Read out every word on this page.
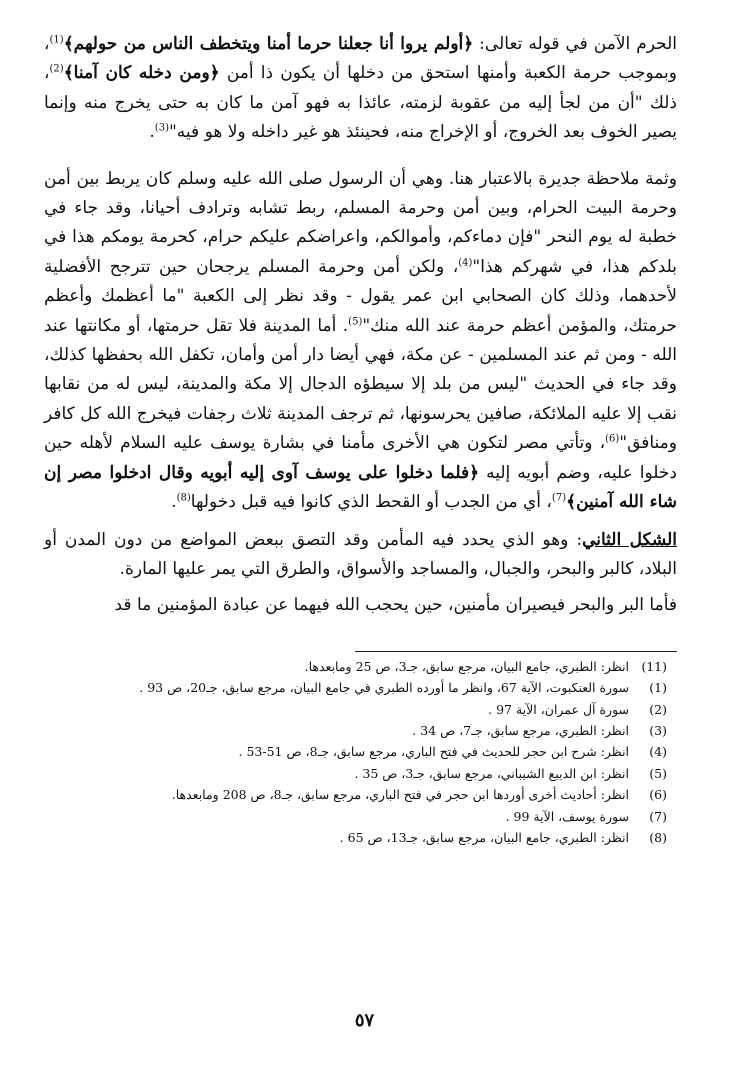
الحرم الآمن في قوله تعالى: ﴿أولم يروا أنا جعلنا حرما أمنا ويتخطف الناس من حولهم﴾$^{(1)}$، وبموجب حرمة الكعبة وأمنها استحق من دخلها أن يكون ذا أمن ﴿ومن دخله كان آمنا﴾$^{(2)}$، ذلك "أن من لجأ إليه من عقوبة لزمته، عائذا به فهو آمن ما كان به حتى يخرج منه وإنما يصير الخوف بعد الخروج، أو الإخراج منه، فحينئذ هو غير داخله ولا هو فيه"$^{(3)}$.

وثمة ملاحظة جديرة بالاعتبار هنا. وهي أن الرسول صلى الله عليه وسلم كان يربط بين أمن وحرمة البيت الحرام، وبين أمن وحرمة المسلم، ربط تشابه وترادف أحيانا، وقد جاء في خطبة له يوم النحر "فإن دماءكم، وأموالكم، واعراضكم عليكم حرام، كحرمة يومكم هذا في بلدكم هذا، في شهركم هذا"$^{(4)}$، ولكن أمن وحرمة المسلم يرجحان حين تترجح الأفضلية لأحدهما، وذلك كان الصحابي ابن عمر يقول - وقد نظر إلى الكعبة "ما أعظمك وأعظم حرمتك، والمؤمن أعظم حرمة عند الله منك"$^{(5)}$. أما المدينة فلا تقل حرمتها، أو مكانتها عند الله - ومن ثم عند المسلمين - عن مكة، فهي أيضا دار أمن وأمان، تكفل الله بحفظها كذلك، وقد جاء في الحديث "ليس من بلد إلا سيطؤه الدجال إلا مكة والمدينة، ليس له من نقابها نقب إلا عليه الملائكة، صافين يحرسونها، ثم ترجف المدينة ثلاث رجفات فيخرج الله كل كافر ومنافق"$^{(6)}$، وتأتي مصر لتكون هي الأخرى مأمنا في بشارة يوسف عليه السلام لأهله حين دخلوا عليه، وضم أبويه إليه ﴿فلما دخلوا على يوسف آوى إليه أبويه وقال ادخلوا مصر إن شاء الله آمنين﴾$^{(7)}$، أي من الجدب أو القحط الذي كانوا فيه قبل دخولها$^{(8)}$.

الشكل الثاني: وهو الذي يحدد فيه المأمن وقد التصق ببعض المواضع من دون المدن أو البلاد، كالبر والبحر، والجبال، والمساجد والأسواق، والطرق التي يمر عليها المارة.

فأما البر والبحر فيصيران مأمنين، حين يحجب الله فيهما عن عبادة المؤمنين ما قد

(11) انظر: الطبري، جامع البيان، مرجع سابق، جـ3، ص 25 ومابعدها.
(1) سورة العنكبوت، الآية 67، وانظر ما أورده الطبري في جامع البيان، مرجع سابق، جـ20، ص 93 .
(2) سورة آل عمران، الآية 97 .
(3) انظر: الطبري، مرجع سابق، جـ7، ص 34 .
(4) انظر: شرح ابن حجر للحديث في فتح الباري، مرجع سابق، جـ8، ص 51-53 .
(5) انظر: ابن الديبع الشيباني، مرجع سابق، جـ3، ص 35 .
(6) انظر: أحاديث أخرى أوردها ابن حجر في فتح الباري، مرجع سابق، جـ8، ص 208 ومابعدها.
(7) سورة يوسف، الآية 99 .
(8) انظر: الطبري، جامع البيان، مرجع سابق، جـ13، ص 65 .
٥٧
